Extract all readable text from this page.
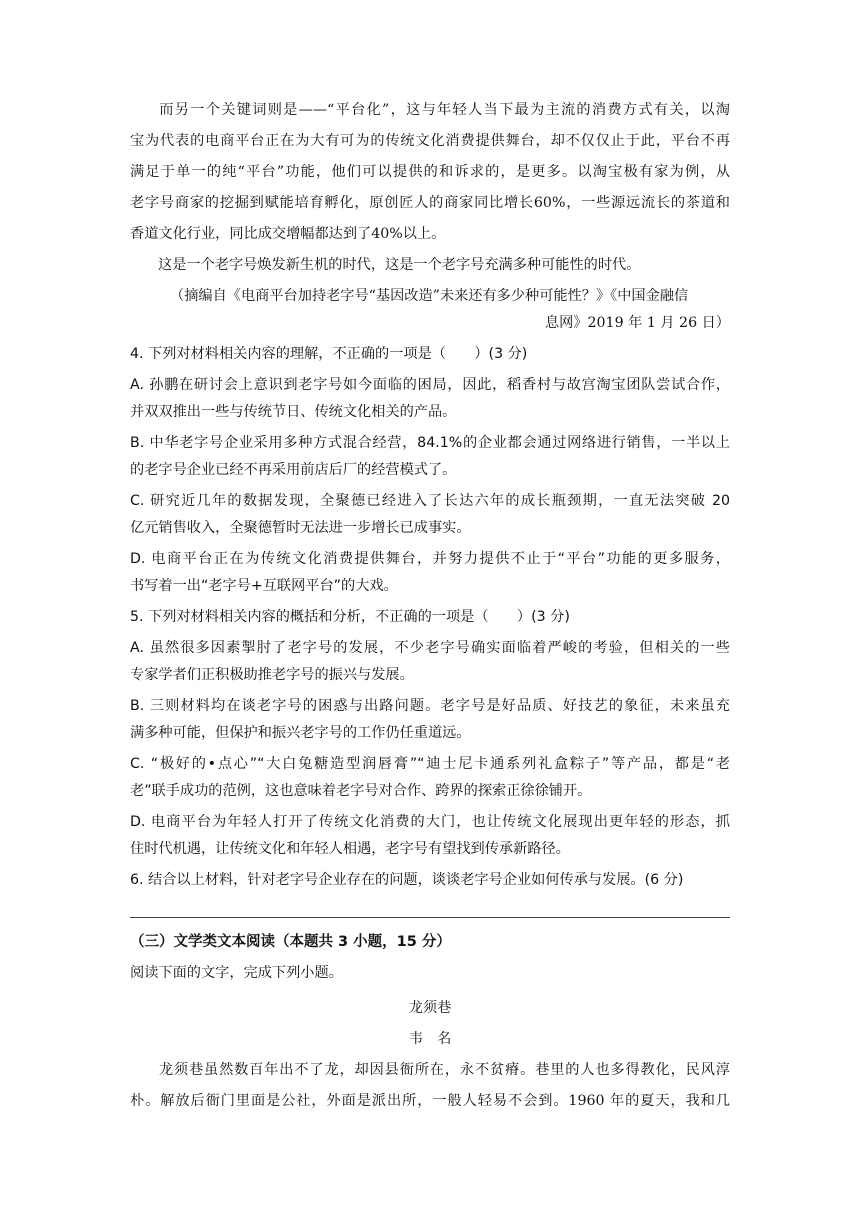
而另一个关键词则是——“平台化”，这与年轻人当下最为主流的消费方式有关，以淘
宝为代表的电商平台正在为大有可为的传统文化消费提供舞台，却不仅仅止于此，平台不再
满足于单一的纯“平台”功能，他们可以提供的和诉求的，是更多。以淘宝极有家为例，从
老字号商家的挖掘到赋能培育孵化，原创匠人的商家同比增长60%，一些源远流长的茶道和
香道文化行业，同比成交增幅都达到了40%以上。
这是一个老字号焕发新生机的时代，这是一个老字号充满多种可能性的时代。
（摘编自《电商平台加持老字号“基因改造”未来还有多少种可能性？》《中国金融信
息网》2019 年 1 月 26 日）
4. 下列对材料相关内容的理解，不正确的一项是（　　）(3 分)
A. 孙鹏在研讨会上意识到老字号如今面临的困局，因此，稻香村与故宫淘宝团队尝试合作，
并双双推出一些与传统节日、传统文化相关的产品。
B. 中华老字号企业采用多种方式混合经营，84.1%的企业都会通过网络进行销售，一半以上
的老字号企业已经不再采用前店后厂的经营模式了。
C. 研究近几年的数据发现，全聚德已经进入了长达六年的成长瓶颈期，一直无法突破 20
亿元销售收入，全聚德暂时无法进一步增长已成事实。
D. 电商平台正在为传统文化消费提供舞台，并努力提供不止于“平台”功能的更多服务，
书写着一出“老字号+互联网平台”的大戏。
5. 下列对材料相关内容的概括和分析，不正确的一项是（　　）(3 分)
A. 虽然很多因素掣肘了老字号的发展，不少老字号确实面临着严峻的考验，但相关的一些
专家学者们正积极助推老字号的振兴与发展。
B. 三则材料均在谈老字号的困惑与出路问题。老字号是好品质、好技艺的象征，未来虽充
满多种可能，但保护和振兴老字号的工作仍任重道远。
C. “极好的•点心”“大白兔糖造型润唇膏”“迪士尼卡通系列礼盒粽子”等产品，都是“老
老”联手成功的范例，这也意味着老字号对合作、跨界的探索正徐徐铺开。
D. 电商平台为年轻人打开了传统文化消费的大门，也让传统文化展现出更年轻的形态，抓
住时代机遇，让传统文化和年轻人相遇，老字号有望找到传承新路径。
6. 结合以上材料，针对老字号企业存在的问题，谈谈老字号企业如何传承与发展。(6 分)
（三）文学类文本阅读（本题共 3 小题，15 分）
阅读下面的文字，完成下列小题。
龙须巷
韦　名
龙须巷虽然数百年出不了龙，却因县衙所在，永不贫瘠。巷里的人也多得教化，民风淳
朴。解放后衙门里面是公社，外面是派出所，一般人轻易不会到。1960 年的夏天，我和几
